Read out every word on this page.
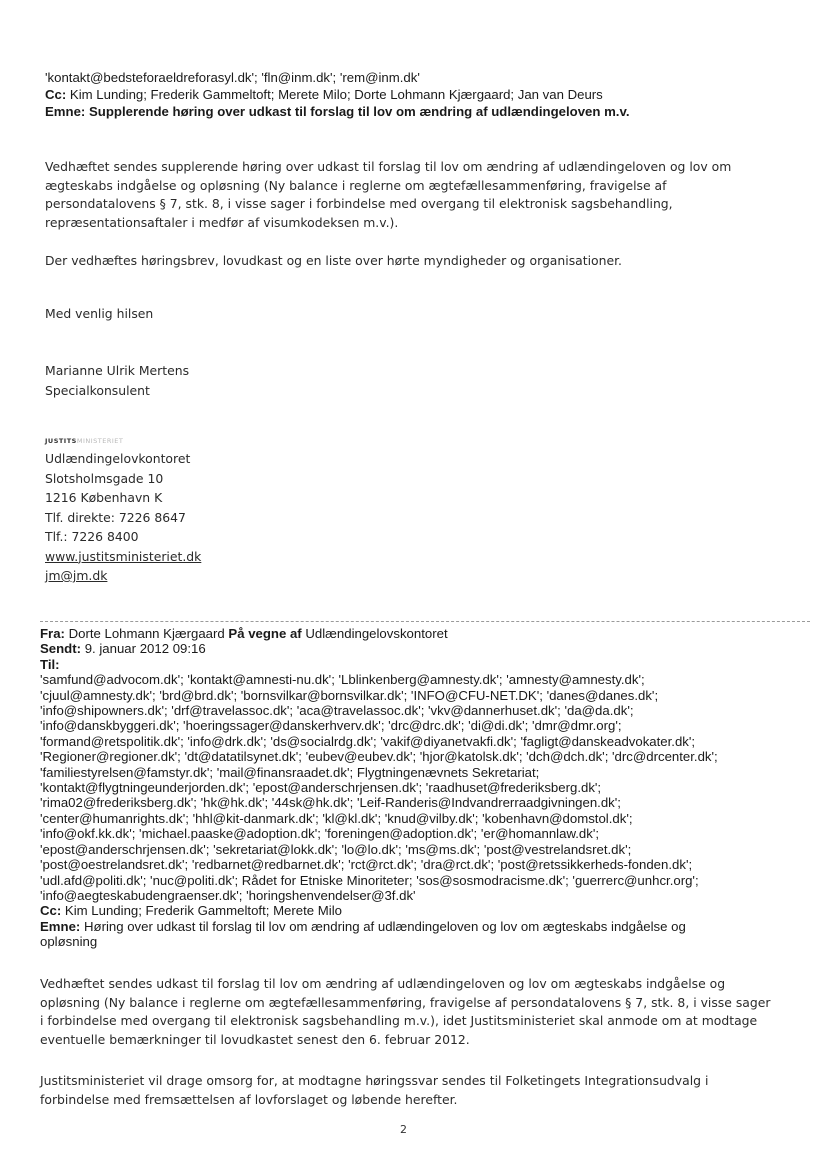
'kontakt@bedsteforaeldreforasyl.dk'; 'fln@inm.dk'; 'rem@inm.dk'
Cc: Kim Lunding; Frederik Gammeltoft; Merete Milo; Dorte Lohmann Kjærgaard; Jan van Deurs
Emne: Supplerende høring over udkast til forslag til lov om ændring af udlændingeloven m.v.
Vedhæftet sendes supplerende høring over udkast til forslag til lov om ændring af udlændingeloven og lov om
ægteskabs indgåelse og opløsning (Ny balance i reglerne om ægtefællesammenføring, fravigelse af
persondatalovens § 7, stk. 8, i visse sager i forbindelse med overgang til elektronisk sagsbehandling,
repræsentationsaftaler i medfør af visumkodeksen m.v.).
Der vedhæftes høringsbrev, lovudkast og en liste over hørte myndigheder og organisationer.
Med venlig hilsen
Marianne Ulrik Mertens
Specialkonsulent
JUSTITSMINISTERIET
Udlændingelovkontoret
Slotsholmsgade 10
1216 København K
Tlf. direkte: 7226 8647
Tlf.: 7226 8400
www.justitsministeriet.dk
jm@jm.dk
Fra: Dorte Lohmann Kjærgaard På vegne af Udlændingelovskontoret
Sendt: 9. januar 2012 09:16
Til:
'samfund@advocom.dk'; 'kontakt@amnesti-nu.dk'; 'Lblinkenberg@amnesty.dk'; 'amnesty@amnesty.dk';
'cjuul@amnesty.dk'; 'brd@brd.dk'; 'bornsvilkar@bornsvilkar.dk'; 'INFO@CFU-NET.DK'; 'danes@danes.dk';
'info@shipowners.dk'; 'drf@travelassoc.dk'; 'aca@travelassoc.dk'; 'vkv@dannerhuset.dk'; 'da@da.dk';
'info@danskbyggeri.dk'; 'hoeringssager@danskerhverv.dk'; 'drc@drc.dk'; 'di@di.dk'; 'dmr@dmr.org';
'formand@retspolitik.dk'; 'info@drk.dk'; 'ds@socialrdg.dk'; 'vakif@diyanetvakfi.dk'; 'fagligt@danskeadvokater.dk';
'Regioner@regioner.dk'; 'dt@datatilsynet.dk'; 'eubev@eubev.dk'; 'hjor@katolsk.dk'; 'dch@dch.dk'; 'drc@drcenter.dk';
'familiestyrelsen@famstyr.dk'; 'mail@finansraadet.dk'; Flygtningenævnets Sekretariat;
'kontakt@flygtningeunderjorden.dk'; 'epost@anderschrjensen.dk'; 'raadhuset@frederiksberg.dk';
'rima02@frederiksberg.dk'; 'hk@hk.dk'; '44sk@hk.dk'; 'Leif-Randeris@Indvandrerraadgivningen.dk';
'center@humanrights.dk'; 'hhl@kit-danmark.dk'; 'kl@kl.dk'; 'knud@vilby.dk'; 'kobenhavn@domstol.dk';
'info@okf.kk.dk'; 'michael.paaske@adoption.dk'; 'foreningen@adoption.dk'; 'er@homannlaw.dk';
'epost@anderschrjensen.dk'; 'sekretariat@lokk.dk'; 'lo@lo.dk'; 'ms@ms.dk'; 'post@vestrelandsret.dk';
'post@oestrelandsret.dk'; 'redbarnet@redbarnet.dk'; 'rct@rct.dk'; 'dra@rct.dk'; 'post@retssikkerheds-fonden.dk';
'udl.afd@politi.dk'; 'nuc@politi.dk'; Rådet for Etniske Minoriteter; 'sos@sosmodracisme.dk'; 'guerrerc@unhcr.org';
'info@aegteskabudengraenser.dk'; 'horingshenvendelser@3f.dk'
Cc: Kim Lunding; Frederik Gammeltoft; Merete Milo
Emne: Høring over udkast til forslag til lov om ændring af udlændingeloven og lov om ægteskabs indgåelse og
opløsning
Vedhæftet sendes udkast til forslag til lov om ændring af udlændingeloven og lov om ægteskabs indgåelse og
opløsning (Ny balance i reglerne om ægtefællesammenføring, fravigelse af persondatalovens § 7, stk. 8, i visse sager
i forbindelse med overgang til elektronisk sagsbehandling m.v.), idet Justitsministeriet skal anmode om at modtage
eventuelle bemærkninger til lovudkastet senest den 6. februar 2012.
Justitsministeriet vil drage omsorg for, at modtagne høringssvar sendes til Folketingets Integrationsudvalg i
forbindelse med fremsættelsen af lovforslaget og løbende herefter.
2
